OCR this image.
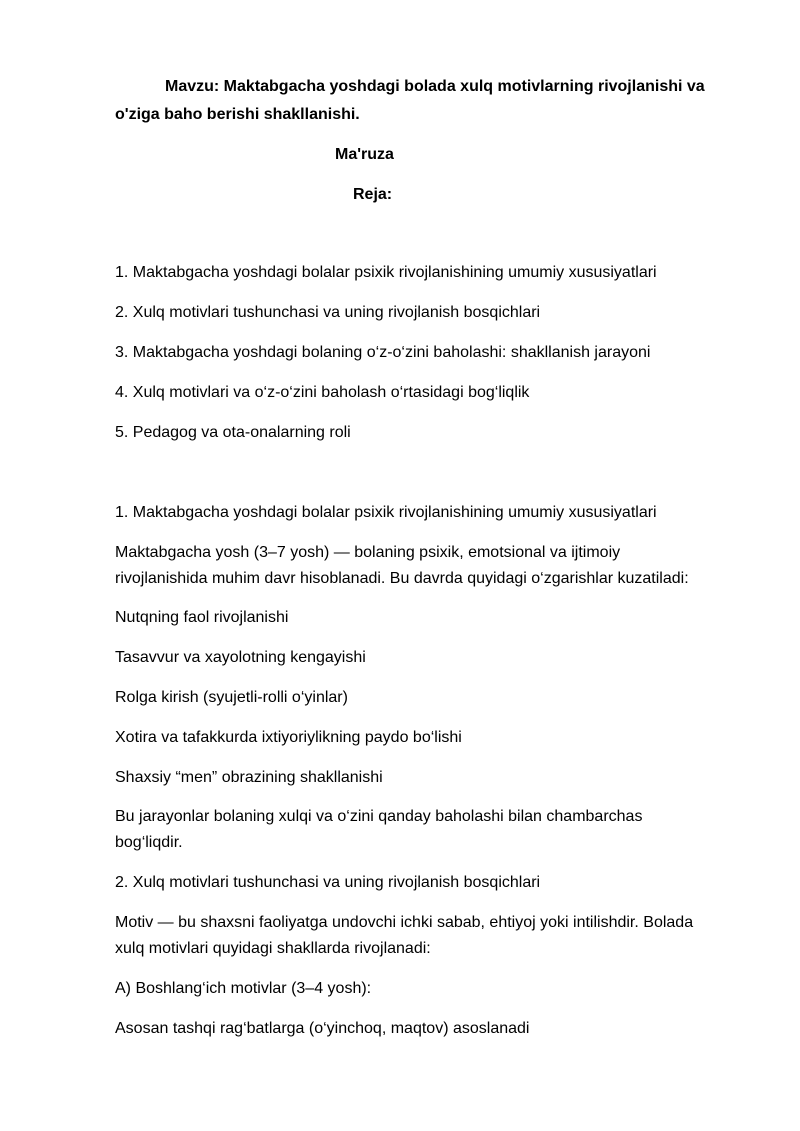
Mavzu: Maktabgacha yoshdagi bolada xulq motivlarning rivojlanishi va
o'ziga baho berishi shakllanishi.
Ma'ruza
Reja:
1. Maktabgacha yoshdagi bolalar psixik rivojlanishining umumiy xususiyatlari
2. Xulq motivlari tushunchasi va uning rivojlanish bosqichlari
3. Maktabgacha yoshdagi bolaning o‘z-o‘zini baholashi: shakllanish jarayoni
4. Xulq motivlari va o‘z-o‘zini baholash o‘rtasidagi bog‘liqlik
5. Pedagog va ota-onalarning roli
1. Maktabgacha yoshdagi bolalar psixik rivojlanishining umumiy xususiyatlari
Maktabgacha yosh (3–7 yosh) — bolaning psixik, emotsional va ijtimoiy
rivojlanishida muhim davr hisoblanadi. Bu davrda quyidagi o‘zgarishlar kuzatiladi:
Nutqning faol rivojlanishi
Tasavvur va xayolotning kengayishi
Rolga kirish (syujetli-rolli o‘yinlar)
Xotira va tafakkurda ixtiyoriylikning paydo bo‘lishi
Shaxsiy “men” obrazining shakllanishi
Bu jarayonlar bolaning xulqi va o‘zini qanday baholashi bilan chambarchas
bog‘liqdir.
2. Xulq motivlari tushunchasi va uning rivojlanish bosqichlari
Motiv — bu shaxsni faoliyatga undovchi ichki sabab, ehtiyoj yoki intilishdir. Bolada
xulq motivlari quyidagi shakllarda rivojlanadi:
A) Boshlang‘ich motivlar (3–4 yosh):
Asosan tashqi rag‘batlarga (o‘yinchoq, maqtov) asoslanadi
